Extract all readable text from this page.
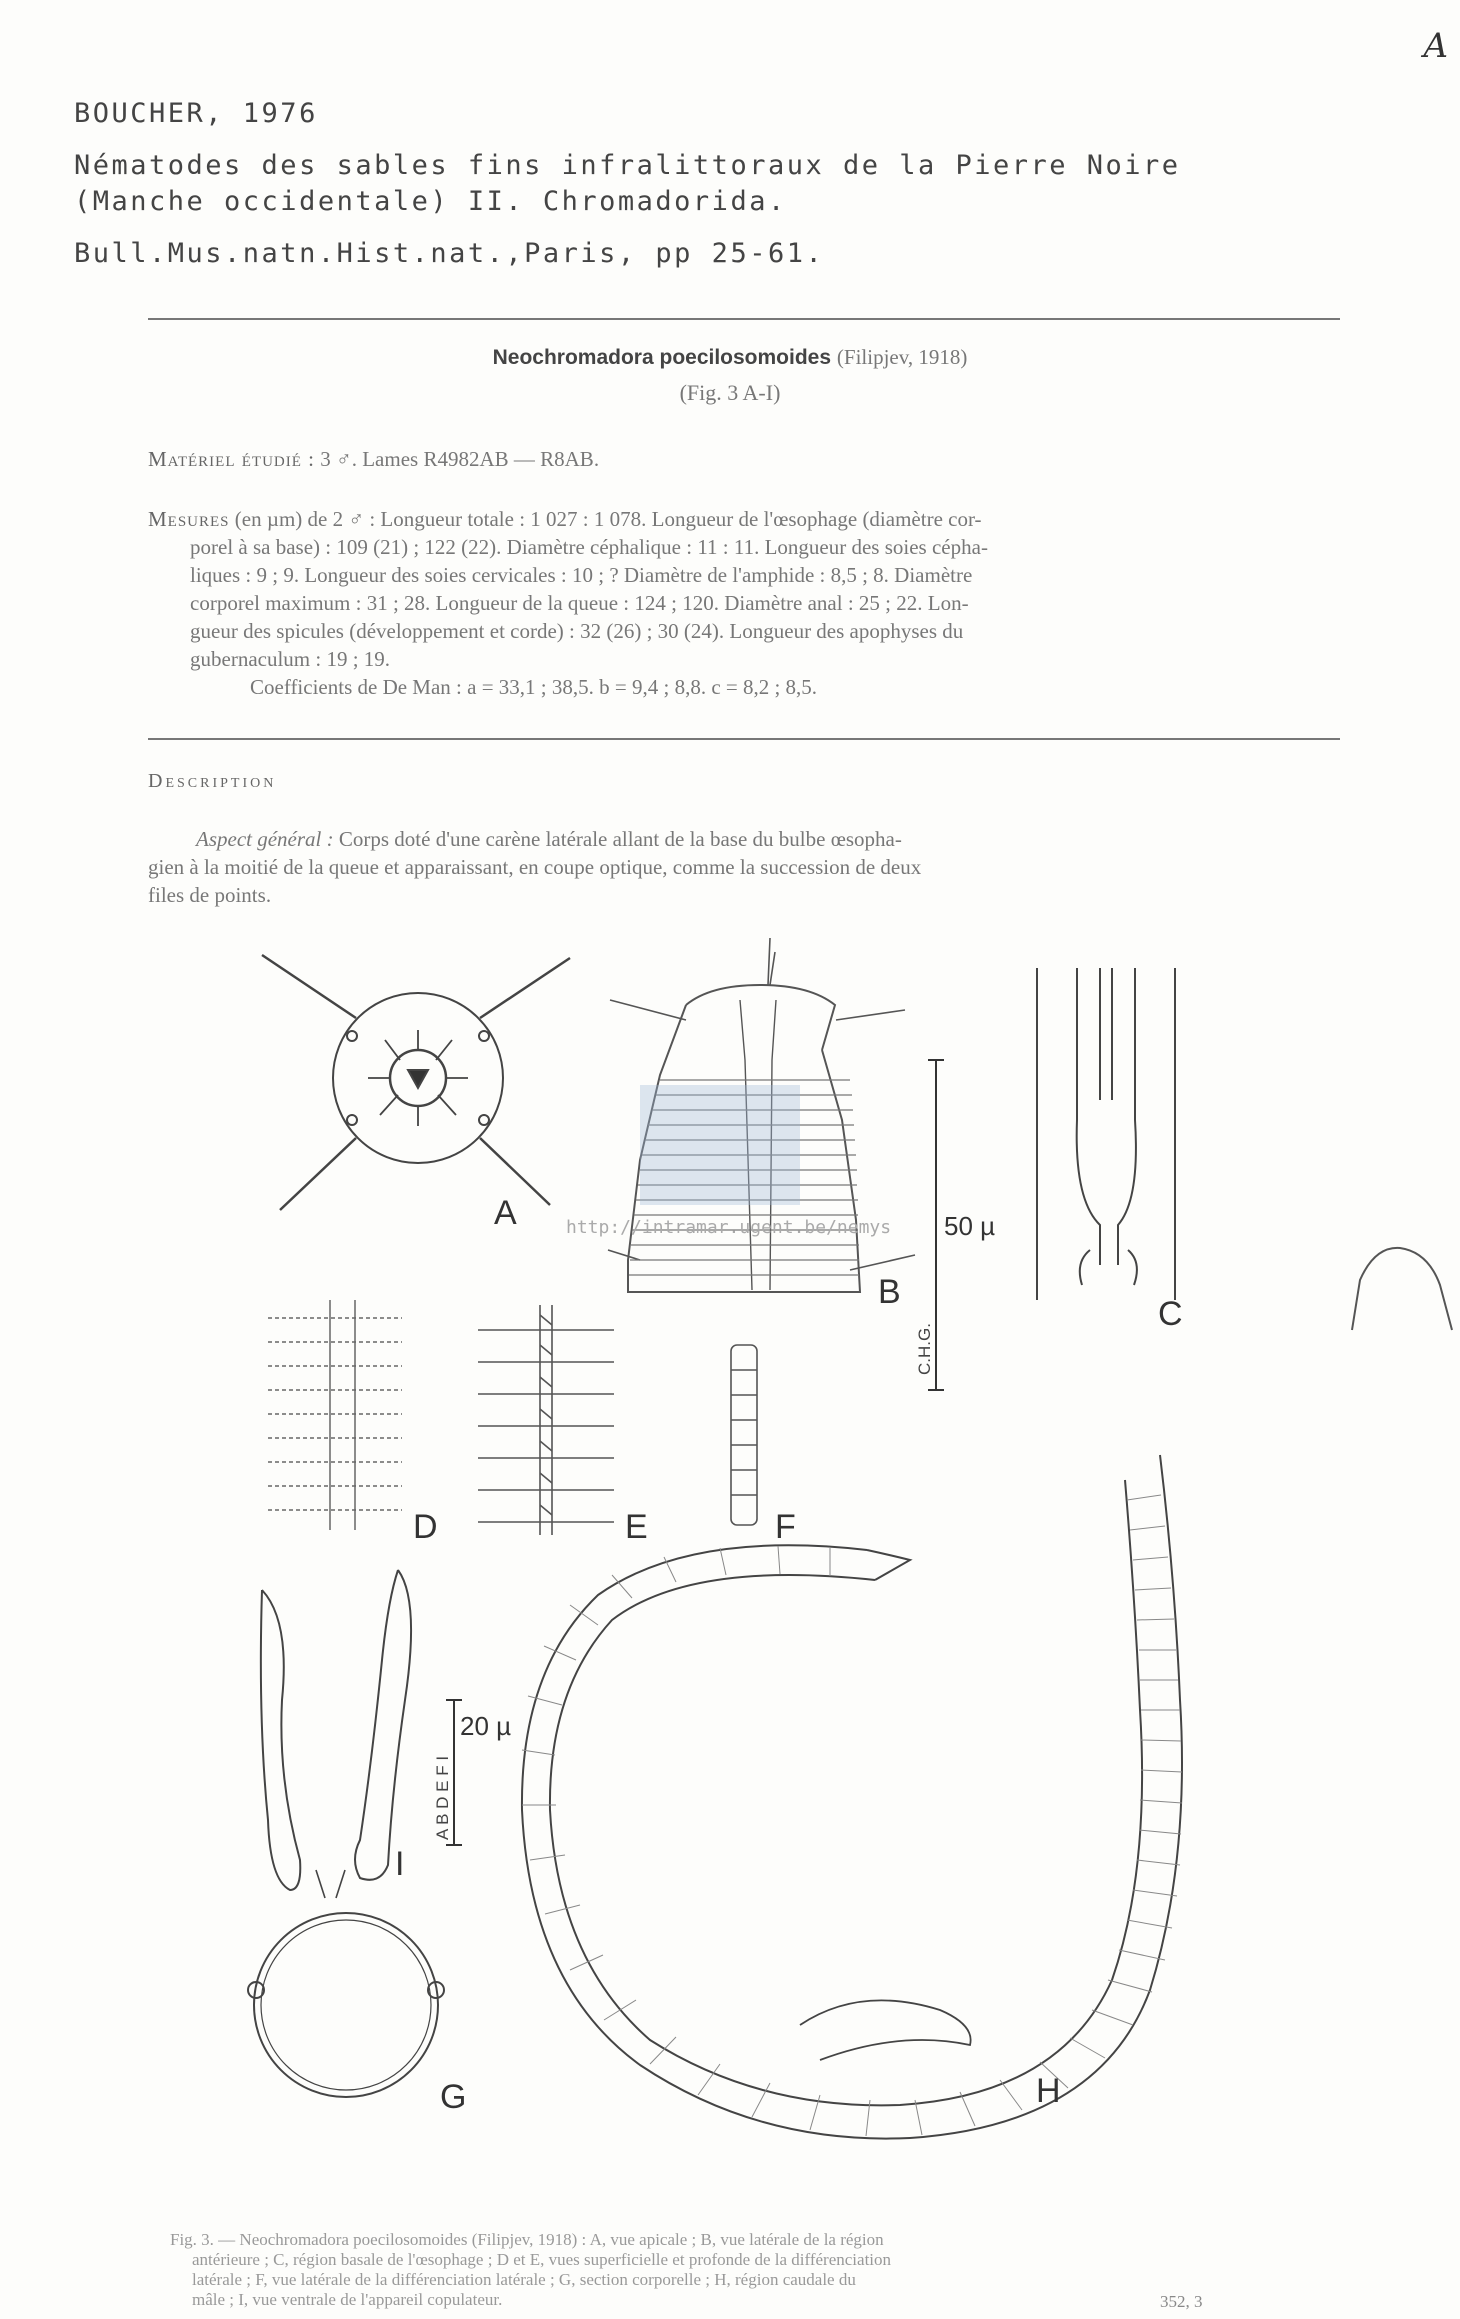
A
BOUCHER, 1976
Nématodes des sables fins infralittoraux de la Pierre Noire
(Manche occidentale) II. Chromadorida.
Bull.Mus.natn.Hist.nat.,Paris, pp 25-61.
Neochromadora poecilosomoides (Filipjev, 1918)
(Fig. 3 A-I)
Matériel étudié : 3 ♂. Lames R4982AB — R8AB.
Mesures (en µm) de 2 ♂ : Longueur totale : 1 027 : 1 078. Longueur de l'œsophage (diamètre cor-
porel à sa base) : 109 (21) ; 122 (22). Diamètre céphalique : 11 : 11. Longueur des soies cépha-
liques : 9 ; 9. Longueur des soies cervicales : 10 ; ? Diamètre de l'amphide : 8,5 ; 8. Diamètre
corporel maximum : 31 ; 28. Longueur de la queue : 124 ; 120. Diamètre anal : 25 ; 22. Lon-
gueur des spicules (développement et corde) : 32 (26) ; 30 (24). Longueur des apophyses du
gubernaculum : 19 ; 19.
Coefficients de De Man : a = 33,1 ; 38,5. b = 9,4 ; 8,8. c = 8,2 ; 8,5.
Description
Aspect général : Corps doté d'une carène latérale allant de la base du bulbe œsopha-
gien à la moitié de la queue et apparaissant, en coupe optique, comme la succession de deux
files de points.
A
B
50 µ
C.H.G.
C
D	E	F
I
20 µ
A B D E F I
G	H
http://intramar.ugent.be/nemys
Fig. 3. — Neochromadora poecilosomoides (Filipjev, 1918) : A, vue apicale ; B, vue latérale de la région
antérieure ; C, région basale de l'œsophage ; D et E, vues superficielle et profonde de la différenciation
latérale ; F, vue latérale de la différenciation latérale ; G, section corporelle ; H, région caudale du
mâle ; I, vue ventrale de l'appareil copulateur.	352, 3
